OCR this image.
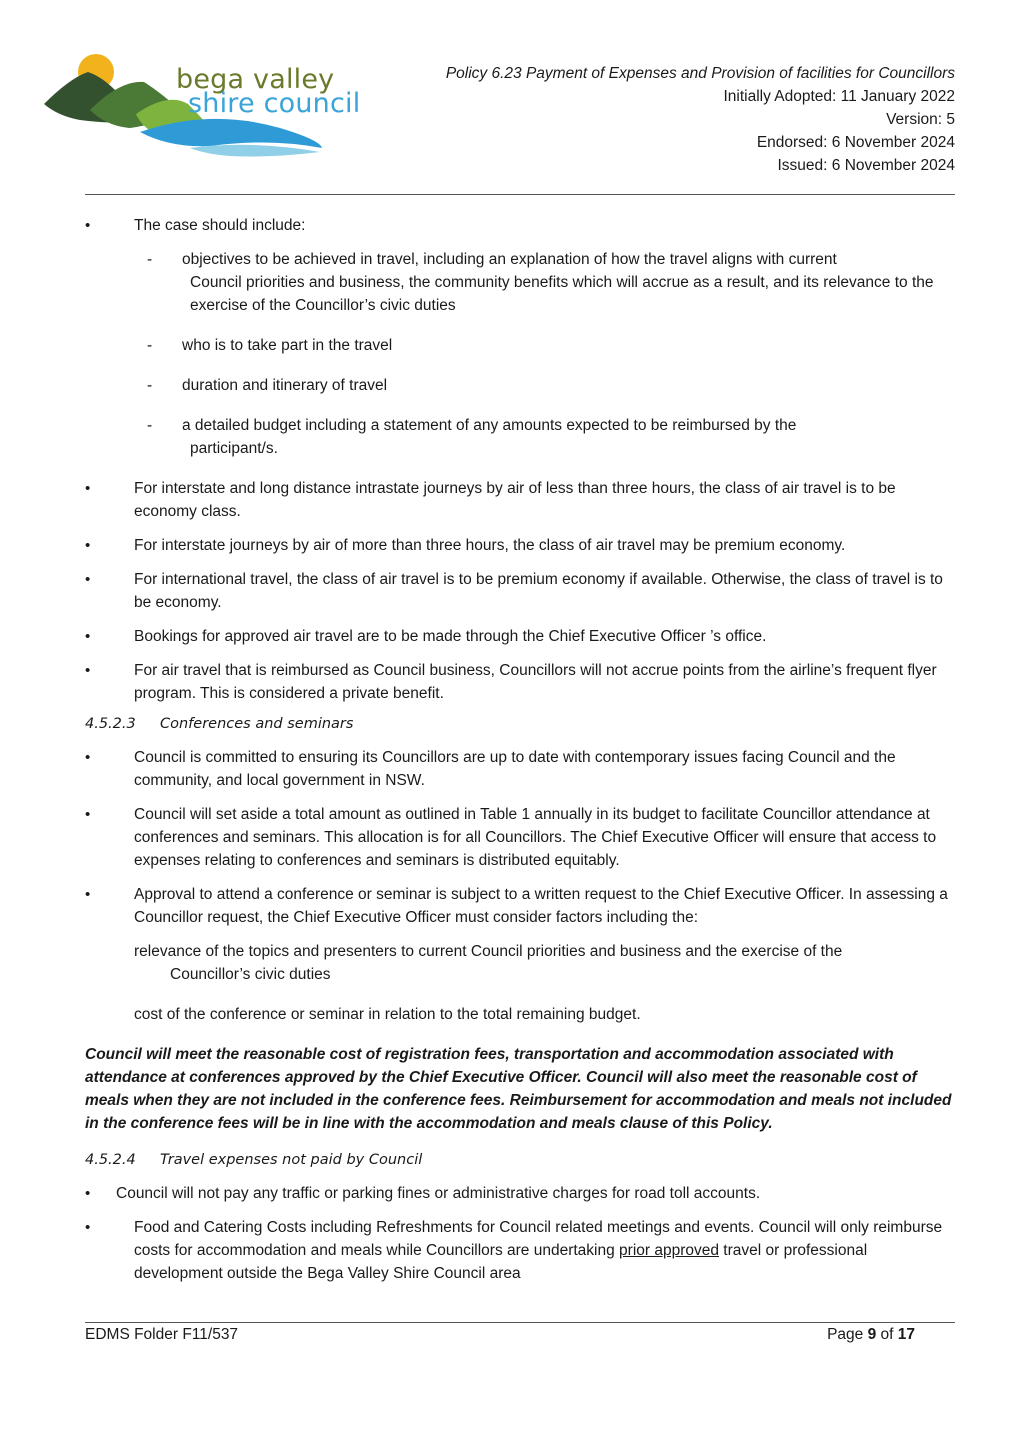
bega valley
shire council
Policy 6.23 Payment of Expenses and Provision of facilities for Councillors
Initially Adopted: 11 January 2022
Version: 5
Endorsed: 6 November 2024
Issued: 6 November 2024
• The case should include:
- objectives to be achieved in travel, including an explanation of how the travel aligns with current
Council priorities and business, the community benefits which will accrue as a result, and its relevance to the exercise of the Councillor’s civic duties
- who is to take part in the travel
- duration and itinerary of travel
- a detailed budget including a statement of any amounts expected to be reimbursed by the
participant/s.
• For interstate and long distance intrastate journeys by air of less than three hours, the class of air travel is to be economy class.
• For interstate journeys by air of more than three hours, the class of air travel may be premium economy.
• For international travel, the class of air travel is to be premium economy if available. Otherwise, the class of travel is to be economy.
• Bookings for approved air travel are to be made through the Chief Executive Officer ’s office.
• For air travel that is reimbursed as Council business, Councillors will not accrue points from the airline’s frequent flyer program. This is considered a private benefit.
4.5.2.3 Conferences and seminars
• Council is committed to ensuring its Councillors are up to date with contemporary issues facing Council and the community, and local government in NSW.
• Council will set aside a total amount as outlined in Table 1 annually in its budget to facilitate Councillor attendance at conferences and seminars. This allocation is for all Councillors. The Chief Executive Officer will ensure that access to expenses relating to conferences and seminars is distributed equitably.
• Approval to attend a conference or seminar is subject to a written request to the Chief Executive Officer. In assessing a Councillor request, the Chief Executive Officer must consider factors including the:
relevance of the topics and presenters to current Council priorities and business and the exercise of the
Councillor’s civic duties
cost of the conference or seminar in relation to the total remaining budget.
Council will meet the reasonable cost of registration fees, transportation and accommodation associated with attendance at conferences approved by the Chief Executive Officer. Council will also meet the reasonable cost of meals when they are not included in the conference fees. Reimbursement for accommodation and meals not included in the conference fees will be in line with the accommodation and meals clause of this Policy.
4.5.2.4 Travel expenses not paid by Council
• Council will not pay any traffic or parking fines or administrative charges for road toll accounts.
• Food and Catering Costs including Refreshments for Council related meetings and events. Council will only reimburse costs for accommodation and meals while Councillors are undertaking prior approved travel or professional development outside the Bega Valley Shire Council area
EDMS Folder F11/537	Page 9 of 17
